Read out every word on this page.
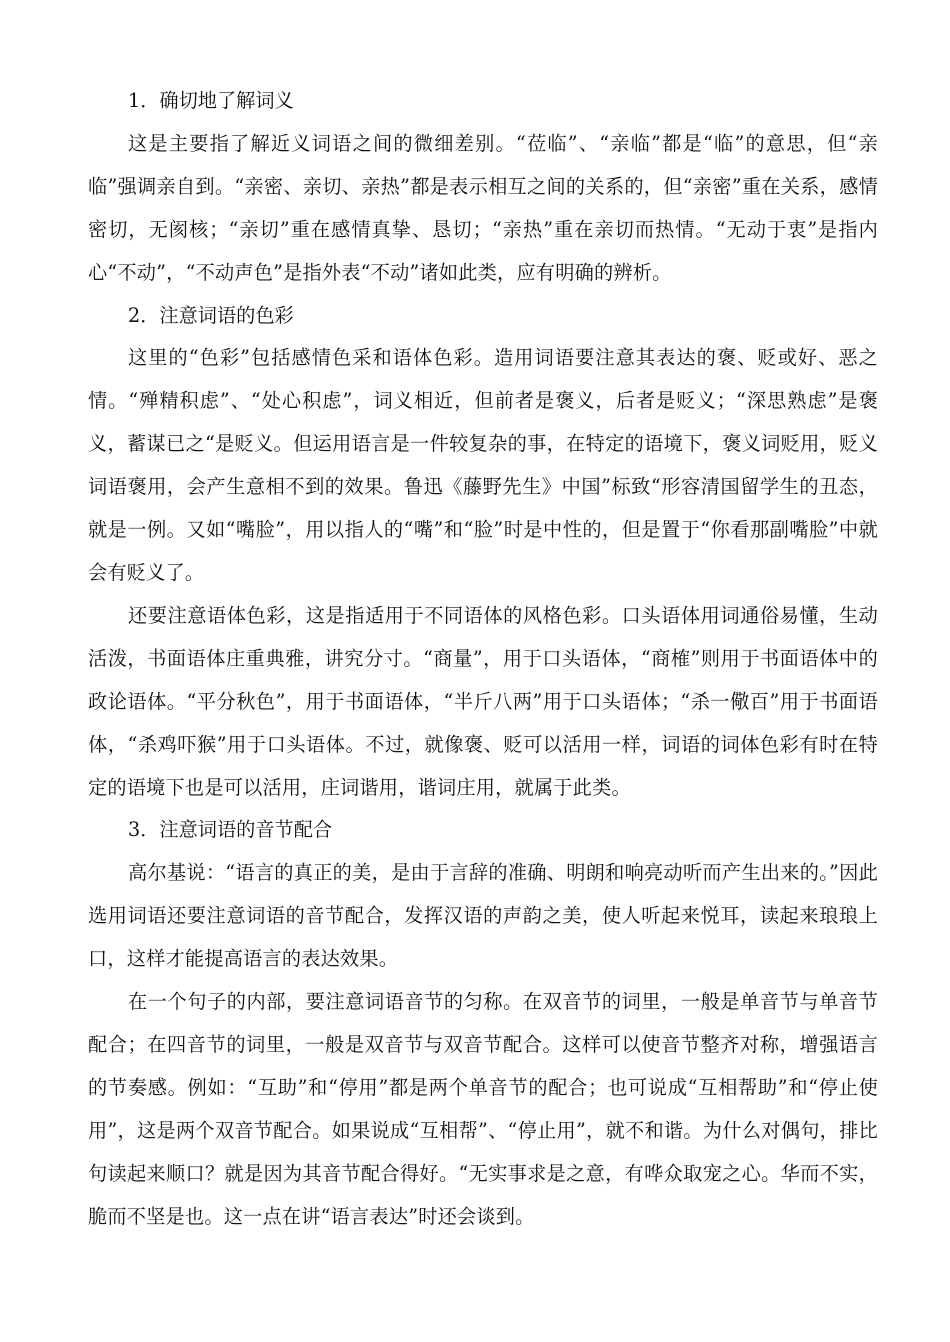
1．确切地了解词义

这是主要指了解近义词语之间的微细差别。“莅临”、“亲临”都是“临”的意思，但“亲临”强调亲自到。“亲密、亲切、亲热”都是表示相互之间的关系的，但“亲密”重在关系，感情密切，无阂核；“亲切”重在感情真挚、恳切；“亲热”重在亲切而热情。“无动于衷”是指内心“不动”，“不动声色”是指外表“不动”诸如此类，应有明确的辨析。

2．注意词语的色彩

这里的“色彩”包括感情色采和语体色彩。造用词语要注意其表达的褒、贬或好、恶之情。“殚精积虑”、“处心积虑”，词义相近，但前者是褒义，后者是贬义；“深思熟虑”是褒义，蓄谋已之“是贬义。但运用语言是一件较复杂的事，在特定的语境下，褒义词贬用，贬义词语褒用，会产生意相不到的效果。鲁迅《藤野先生》中国”标致“形容清国留学生的丑态，就是一例。又如“嘴脸”，用以指人的“嘴”和“脸”时是中性的，但是置于“你看那副嘴脸”中就会有贬义了。

还要注意语体色彩，这是指适用于不同语体的风格色彩。口头语体用词通俗易懂，生动活泼，书面语体庄重典雅，讲究分寸。“商量”，用于口头语体，“商榷”则用于书面语体中的政论语体。“平分秋色”，用于书面语体，“半斤八两”用于口头语体；“杀一儆百”用于书面语体，“杀鸡吓猴”用于口头语体。不过，就像褒、贬可以活用一样，词语的词体色彩有时在特定的语境下也是可以活用，庄词谐用，谐词庄用，就属于此类。

3．注意词语的音节配合

高尔基说：“语言的真正的美，是由于言辞的准确、明朗和响亮动听而产生出来的。”因此选用词语还要注意词语的音节配合，发挥汉语的声韵之美，使人听起来悦耳，读起来琅琅上口，这样才能提高语言的表达效果。

在一个句子的内部，要注意词语音节的匀称。在双音节的词里，一般是单音节与单音节配合；在四音节的词里，一般是双音节与双音节配合。这样可以使音节整齐对称，增强语言的节奏感。例如：“互助”和“停用”都是两个单音节的配合；也可说成“互相帮助”和“停止使用”，这是两个双音节配合。如果说成“互相帮”、“停止用”，就不和谐。为什么对偶句，排比句读起来顺口？就是因为其音节配合得好。“无实事求是之意，有哗众取宠之心。华而不实，脆而不坚是也。这一点在讲“语言表达”时还会谈到。
